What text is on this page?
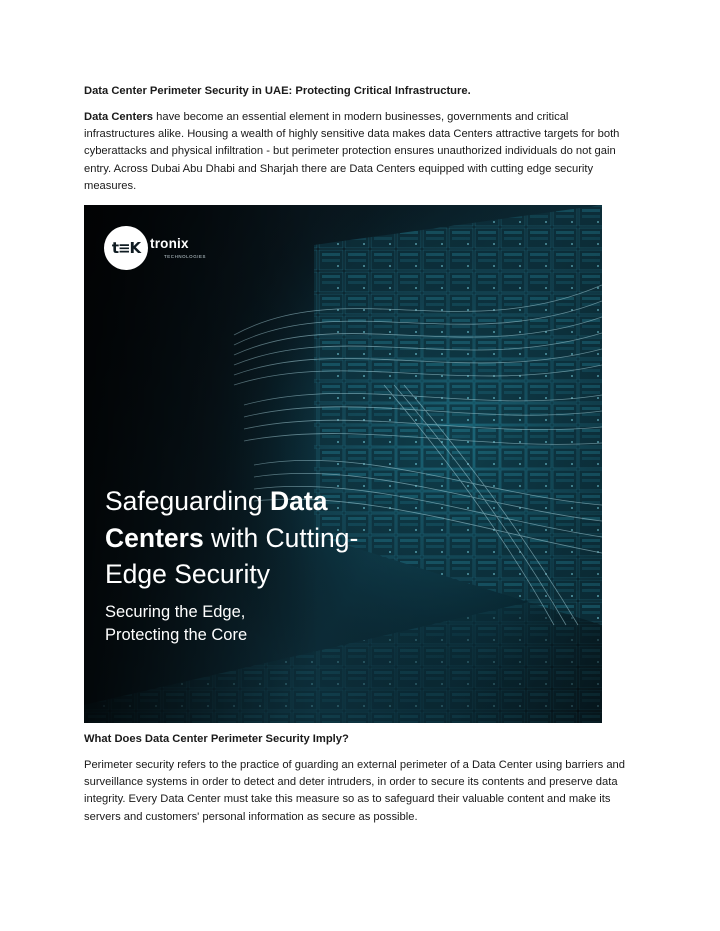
Data Center Perimeter Security in UAE: Protecting Critical Infrastructure.
Data Centers have become an essential element in modern businesses, governments and critical infrastructures alike. Housing a wealth of highly sensitive data makes data Centers attractive targets for both cyberattacks and physical infiltration - but perimeter protection ensures unauthorized individuals do not gain entry. Across Dubai Abu Dhabi and Sharjah there are Data Centers equipped with cutting edge security measures.
t≡K tronix
TECHNOLOGIES
Safeguarding Data
Centers with Cutting-
Edge Security
Securing the Edge,
Protecting the Core
What Does Data Center Perimeter Security Imply?
Perimeter security refers to the practice of guarding an external perimeter of a Data Center using barriers and surveillance systems in order to detect and deter intruders, in order to secure its contents and preserve data integrity. Every Data Center must take this measure so as to safeguard their valuable content and make its servers and customers' personal information as secure as possible.
